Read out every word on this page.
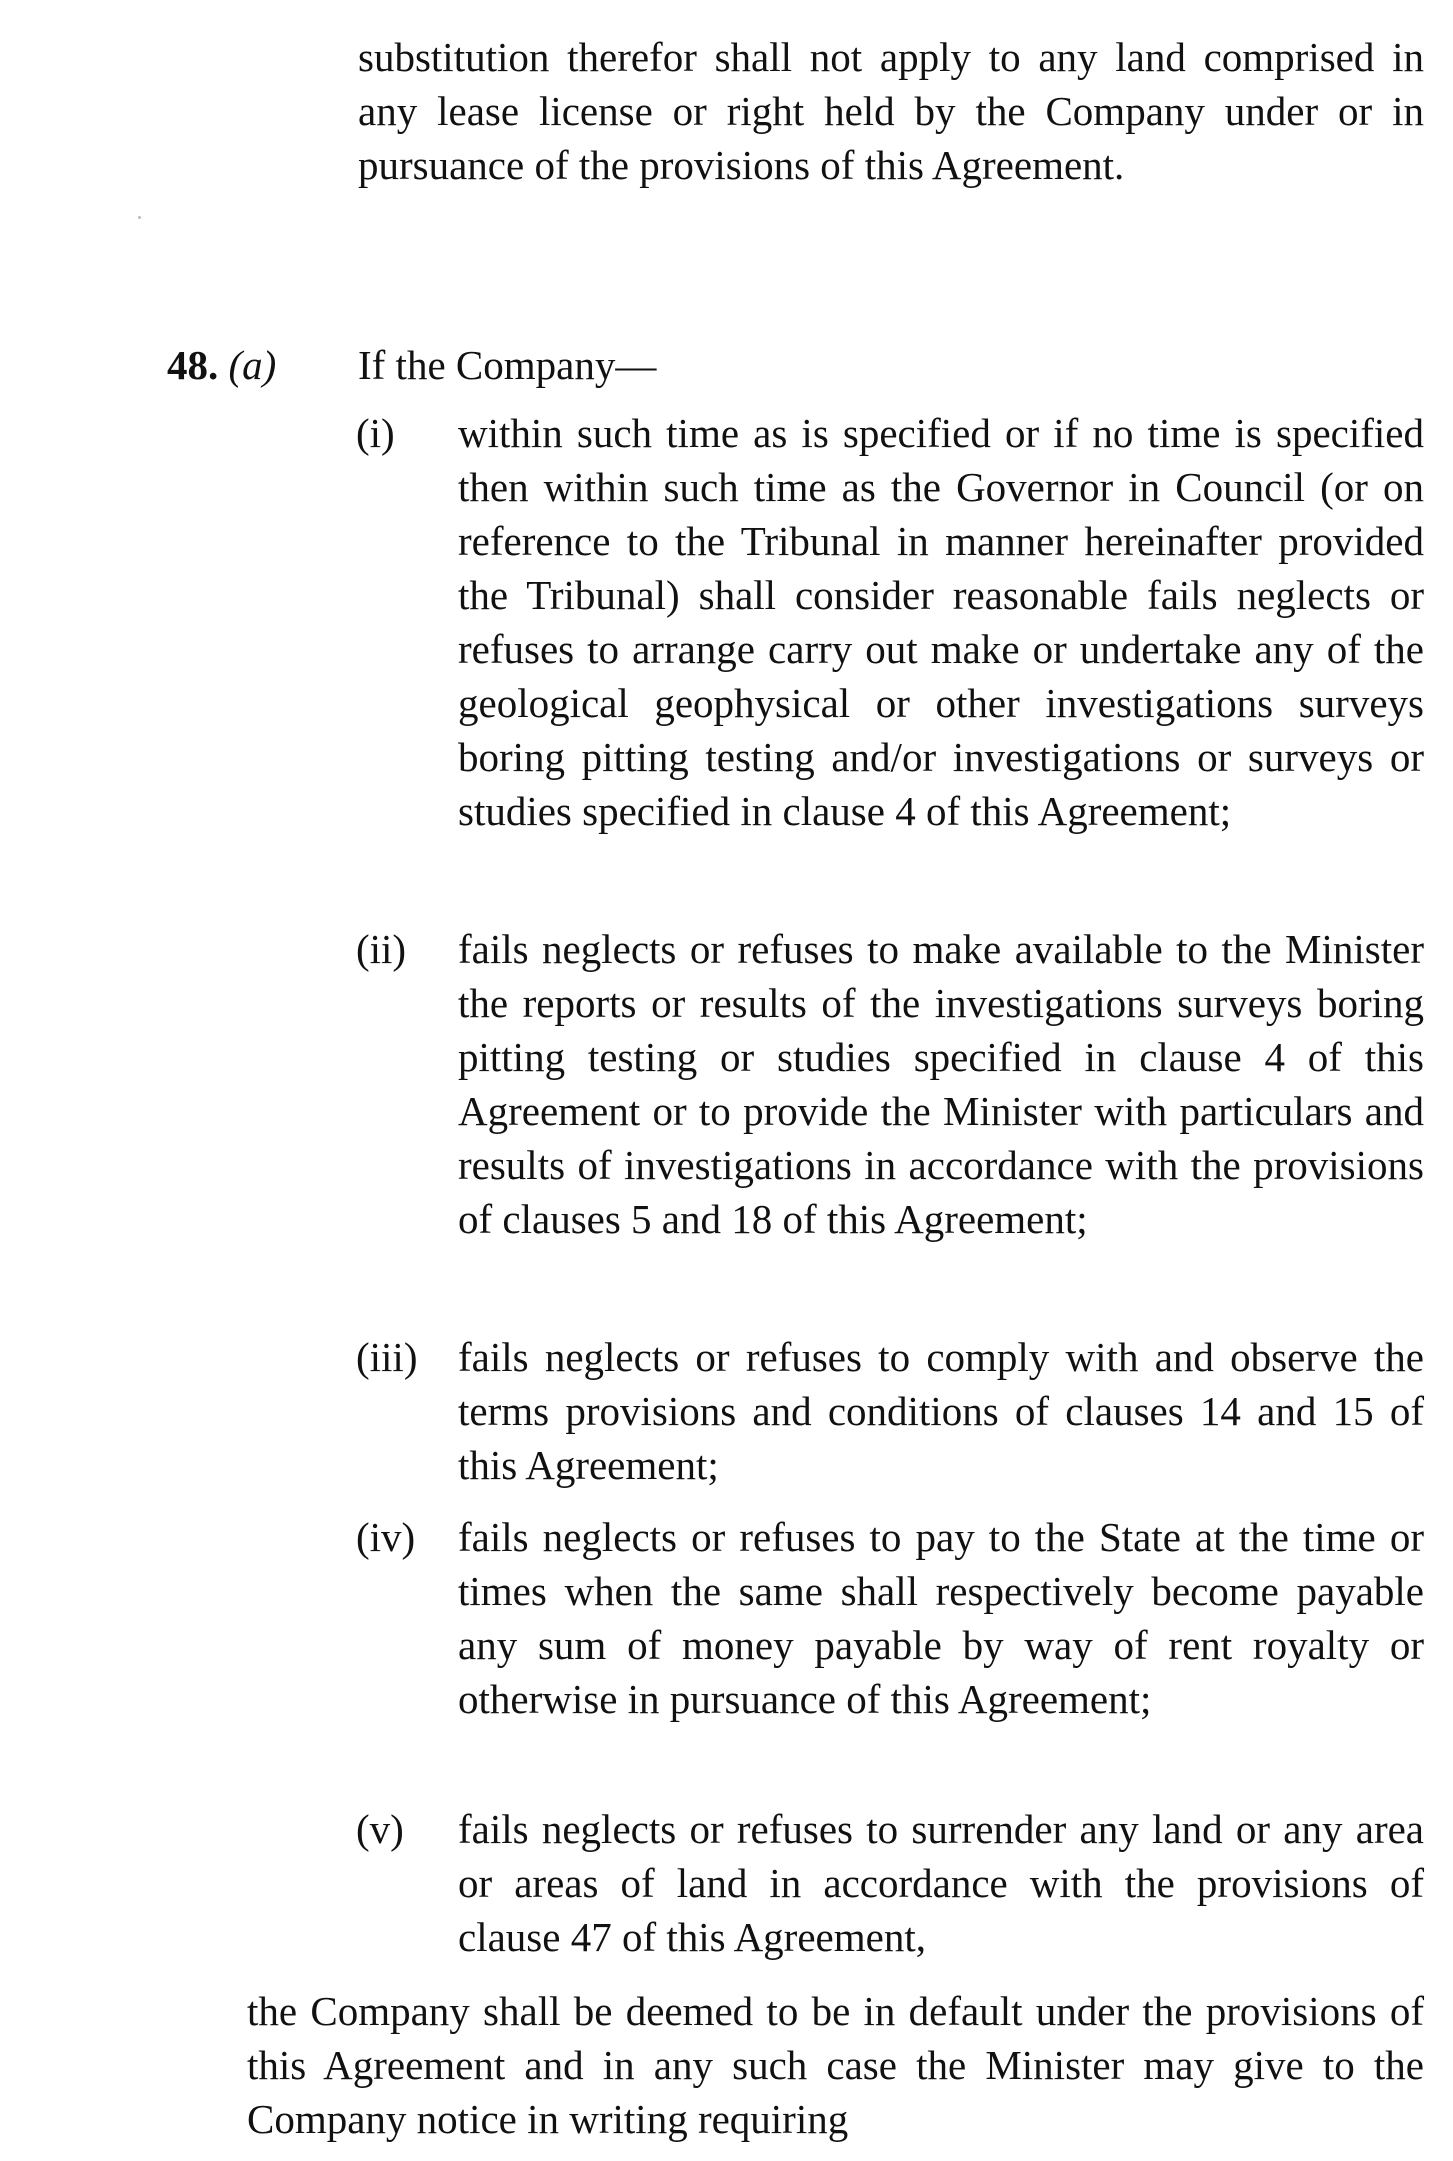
substitution therefor shall not apply to any land comprised in any lease license or right held by the Company under or in pursuance of the provisions of this Agreement.

48. (a) If the Company—
(i) within such time as is specified or if no time is specified then within such time as the Governor in Council (or on reference to the Tribunal in manner hereinafter provided the Tribunal) shall consider reasonable fails neglects or refuses to arrange carry out make or undertake any of the geological geophysical or other investigations surveys boring pitting testing and/or investigations or surveys or studies specified in clause 4 of this Agreement;

(ii) fails neglects or refuses to make available to the Minister the reports or results of the investigations surveys boring pitting testing or studies specified in clause 4 of this Agreement or to provide the Minister with particulars and results of investigations in accordance with the provisions of clauses 5 and 18 of this Agreement;

(iii) fails neglects or refuses to comply with and observe the terms provisions and conditions of clauses 14 and 15 of this Agreement;

(iv) fails neglects or refuses to pay to the State at the time or times when the same shall respectively become payable any sum of money payable by way of rent royalty or otherwise in pursuance of this Agreement;

(v) fails neglects or refuses to surrender any land or any area or areas of land in accordance with the provisions of clause 47 of this Agreement,

the Company shall be deemed to be in default under the provisions of this Agreement and in any such case the Minister may give to the Company notice in writing requiring
